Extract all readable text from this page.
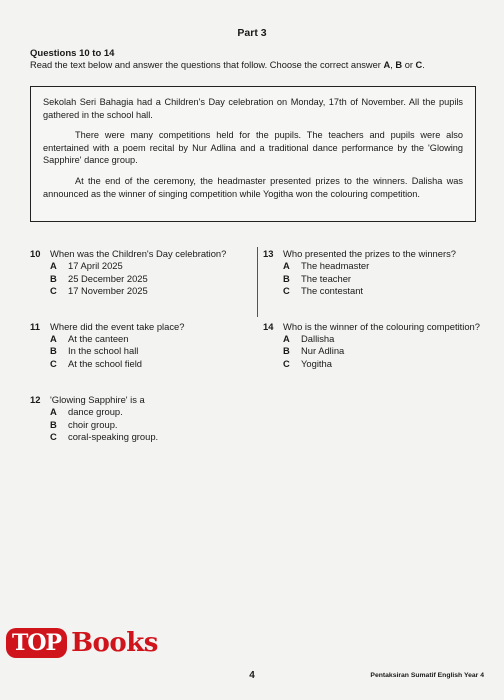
Part 3
Questions 10 to 14
Read the text below and answer the questions that follow. Choose the correct answer A, B or C.

Sekolah Seri Bahagia had a Children's Day celebration on Monday, 17th of November. All the pupils gathered in the school hall.

There were many competitions held for the pupils. The teachers and pupils were also entertained with a poem recital by Nur Adlina and a traditional dance performance by the 'Glowing Sapphire' dance group.

At the end of the ceremony, the headmaster presented prizes to the winners. Dalisha was announced as the winner of singing competition while Yogitha won the colouring competition.

10	When was the Children's Day celebration?
A	17 April 2025
B	25 December 2025
C	17 November 2025
11	Where did the event take place?
A	At the canteen
B	In the school hall
C	At the school field
12	'Glowing Sapphire' is a
A	dance group.
B	choir group.
C	coral-speaking group.
13	Who presented the prizes to the winners?
A	The headmaster
B	The teacher
C	The contestant
14	Who is the winner of the colouring competition?
A	Dallisha
B	Nur Adlina
C	Yogitha
TOP Books
4	Pentaksiran Sumatif English Year 4
